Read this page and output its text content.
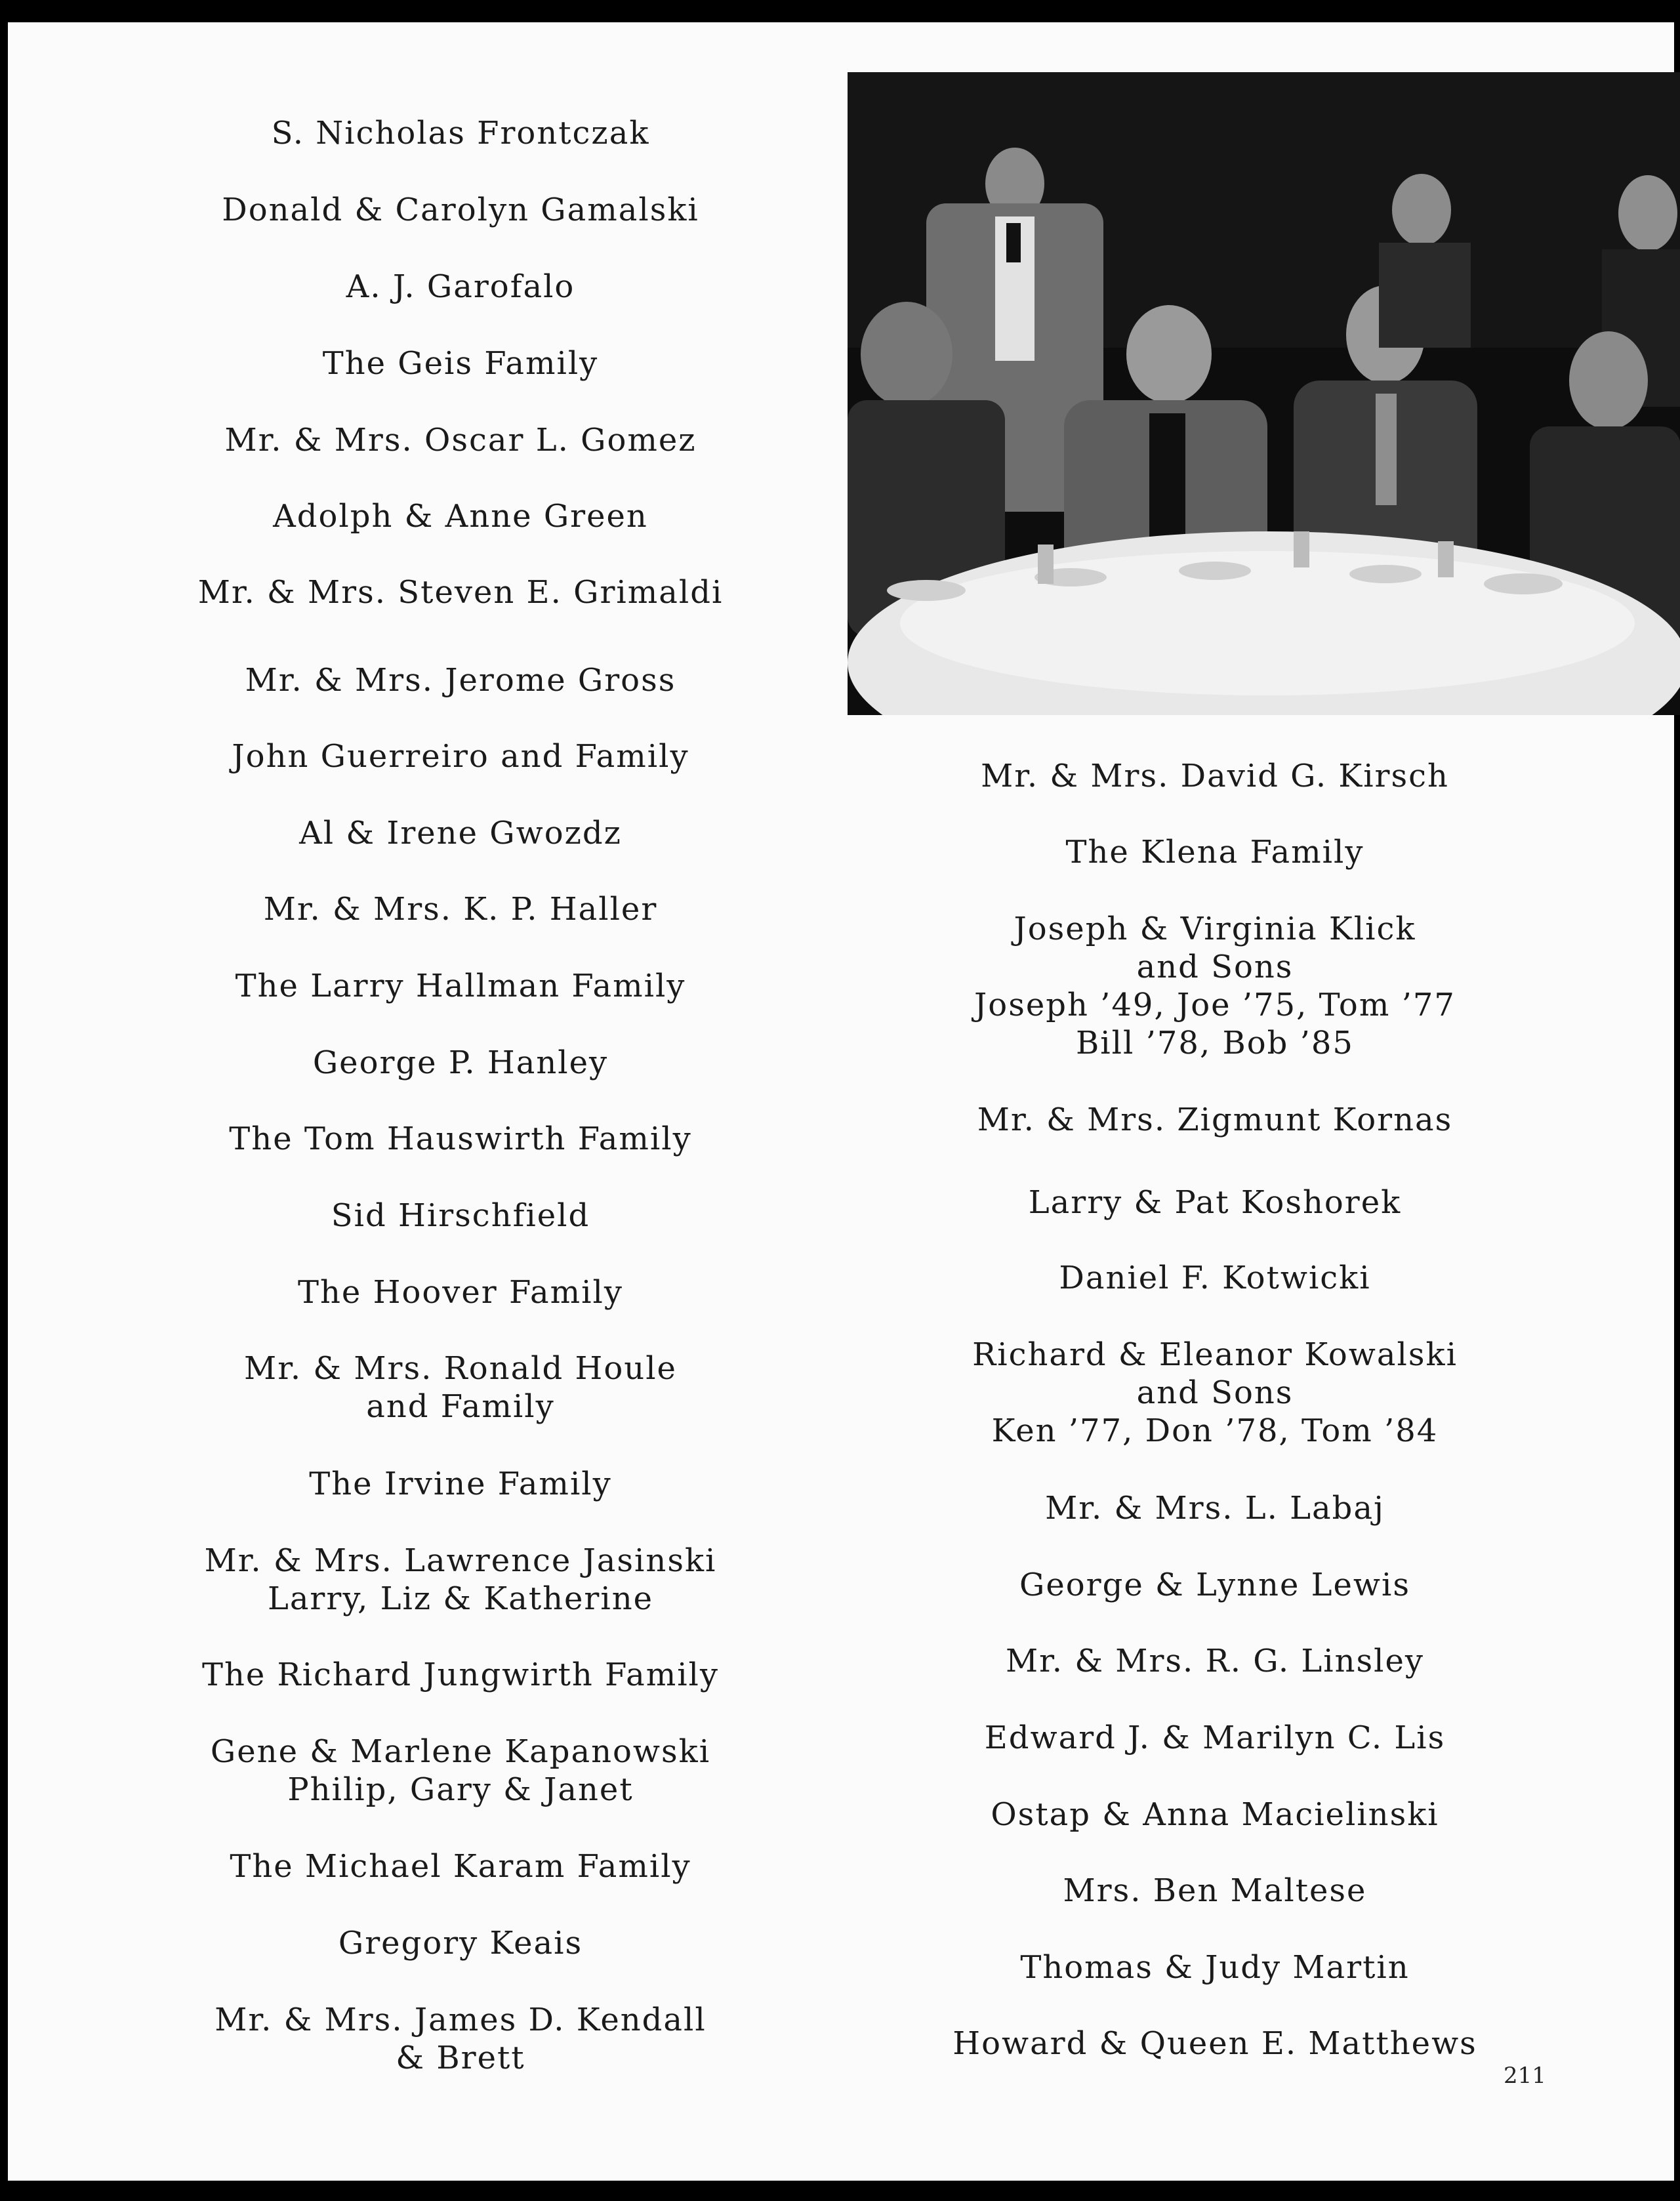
S. Nicholas Frontczak
Donald & Carolyn Gamalski
A. J. Garofalo
The Geis Family
Mr. & Mrs. Oscar L. Gomez
Adolph & Anne Green
Mr. & Mrs. Steven E. Grimaldi
Mr. & Mrs. Jerome Gross
John Guerreiro and Family
Al & Irene Gwozdz
Mr. & Mrs. K. P. Haller
The Larry Hallman Family
George P. Hanley
The Tom Hauswirth Family
Sid Hirschfield
The Hoover Family
Mr. & Mrs. Ronald Houle
and Family
The Irvine Family
Mr. & Mrs. Lawrence Jasinski
Larry, Liz & Katherine
The Richard Jungwirth Family
Gene & Marlene Kapanowski
Philip, Gary & Janet
The Michael Karam Family
Gregory Keais
Mr. & Mrs. James D. Kendall
& Brett
Mr. & Mrs. David G. Kirsch
The Klena Family
Joseph & Virginia Klick
and Sons
Joseph ’49, Joe ’75, Tom ’77
Bill ’78, Bob ’85
Mr. & Mrs. Zigmunt Kornas
Larry & Pat Koshorek
Daniel F. Kotwicki
Richard & Eleanor Kowalski
and Sons
Ken ’77, Don ’78, Tom ’84
Mr. & Mrs. L. Labaj
George & Lynne Lewis
Mr. & Mrs. R. G. Linsley
Edward J. & Marilyn C. Lis
Ostap & Anna Macielinski
Mrs. Ben Maltese
Thomas & Judy Martin
Howard & Queen E. Matthews
211
